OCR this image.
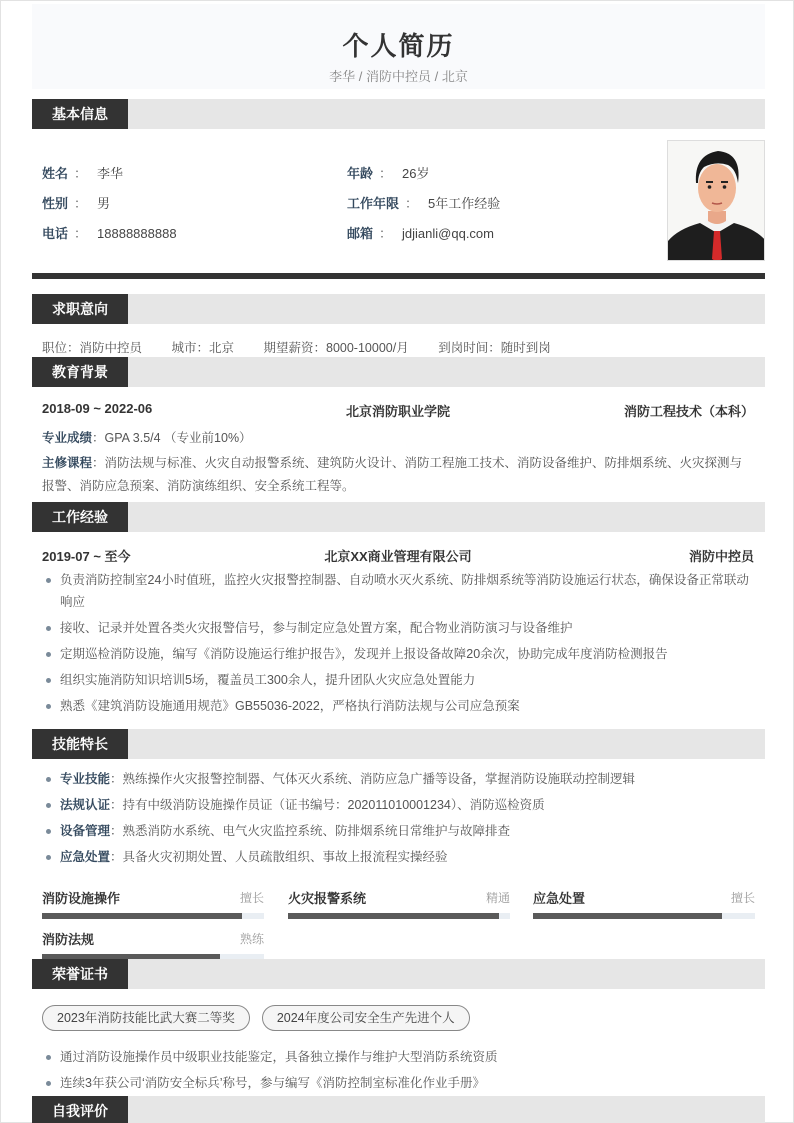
个人简历
李华 / 消防中控员 / 北京
基本信息
姓名 ： 李华
性别 ： 男
电话 ： 18888888888
年龄 ： 26岁
工作年限 ： 5年工作经验
邮箱 ： jdjianli@qq.com
求职意向
职位：消防中控员 城市：北京 期望薪资：8000-10000/月 到岗时间：随时到岗
教育背景
2018-09 ~ 2022-06	北京消防职业学院	消防工程技术（本科）
专业成绩：GPA 3.5/4 （专业前10%）
主修课程：消防法规与标准、火灾自动报警系统、建筑防火设计、消防工程施工技术、消防设备维护、防排烟系统、火灾探测与报警、消防应急预案、消防演练组织、安全系统工程等。
工作经验
2019-07 ~ 至今	北京XX商业管理有限公司	消防中控员
负责消防控制室24小时值班，监控火灾报警控制器、自动喷水灭火系统、防排烟系统等消防设施运行状态，确保设备正常联动响应
接收、记录并处置各类火灾报警信号，参与制定应急处置方案，配合物业消防演习与设备维护
定期巡检消防设施，编写《消防设施运行维护报告》，发现并上报设备故障20余次，协助完成年度消防检测报告
组织实施消防知识培训5场，覆盖员工300余人，提升团队火灾应急处置能力
熟悉《建筑消防设施通用规范》GB55036-2022，严格执行消防法规与公司应急预案
技能特长
专业技能：熟练操作火灾报警控制器、气体灭火系统、消防应急广播等设备，掌握消防设施联动控制逻辑
法规认证：持有中级消防设施操作员证（证书编号：202011010001234）、消防巡检资质
设备管理：熟悉消防水系统、电气火灾监控系统、防排烟系统日常维护与故障排查
应急处置：具备火灾初期处置、人员疏散组织、事故上报流程实操经验
消防设施操作	擅长 火灾报警系统	精通 应急处置	擅长
消防法规	熟练
荣誉证书
2023年消防技能比武大赛二等奖	2024年度公司安全生产先进个人
通过消防设施操作员中级职业技能鉴定，具备独立操作与维护大型消防系统资质
连续3年获公司‘消防安全标兵’称号，参与编写《消防控制室标准化作业手册》
自我评价
